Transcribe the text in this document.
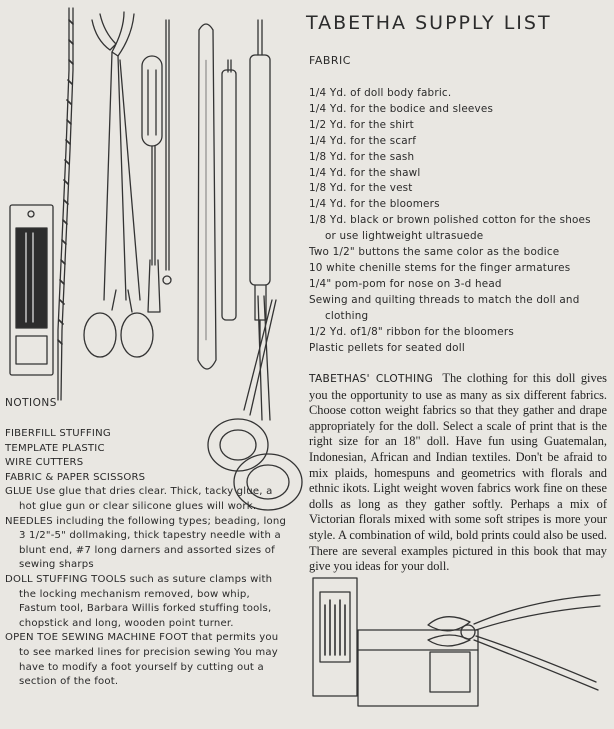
TABETHA SUPPLY LIST
FABRIC
1/4 Yd. of doll body fabric.
1/4 Yd. for the bodice and sleeves
1/2 Yd. for the shirt
1/4 Yd. for the scarf
1/8 Yd. for the sash
1/4 Yd. for the shawl
1/8 Yd. for the vest
1/4 Yd. for the bloomers
1/8 Yd. black or brown polished cotton for the shoes
or use lightweight ultrasuede
Two 1/2" buttons the same color as the bodice
10 white chenille stems for the finger armatures
1/4" pom-pom for nose on 3-d head
Sewing and quilting threads to match the doll and
clothing
1/2 Yd. of1/8" ribbon for the bloomers
Plastic pellets for seated doll
TABETHAS' CLOTHING The clothing for this doll gives you the opportunity to use as many as six different fabrics. Choose cotton weight fabrics so that they gather and drape appropriately for the doll. Select a scale of print that is the right size for an 18" doll. Have fun using Guatemalan, Indonesian, African and Indian textiles. Don't be afraid to mix plaids, homespuns and geometrics with florals and ethnic ikots. Light weight woven fabrics work fine on these dolls as long as they gather softly. Perhaps a mix of Victorian florals mixed with some soft stripes is more your style. A combination of wild, bold prints could also be used. There are several examples pictured in this book that may give you ideas for your doll.
NOTIONS
FIBERFILL STUFFING
TEMPLATE PLASTIC
WIRE CUTTERS
FABRIC & PAPER SCISSORS
GLUE Use glue that dries clear. Thick, tacky glue, a hot glue gun or clear silicone glues will work.
NEEDLES including the following types; beading, long 3 1/2"-5" dollmaking, thick tapestry needle with a blunt end, #7 long darners and assorted sizes of sewing sharps
DOLL STUFFING TOOLS such as suture clamps with the locking mechanism removed, bow whip, Fastum tool, Barbara Willis forked stuffing tools, chopstick and long, wooden point turner.
OPEN TOE SEWING MACHINE FOOT that permits you to see marked lines for precision sewing You may have to modify a foot yourself by cutting out a section of the foot.
